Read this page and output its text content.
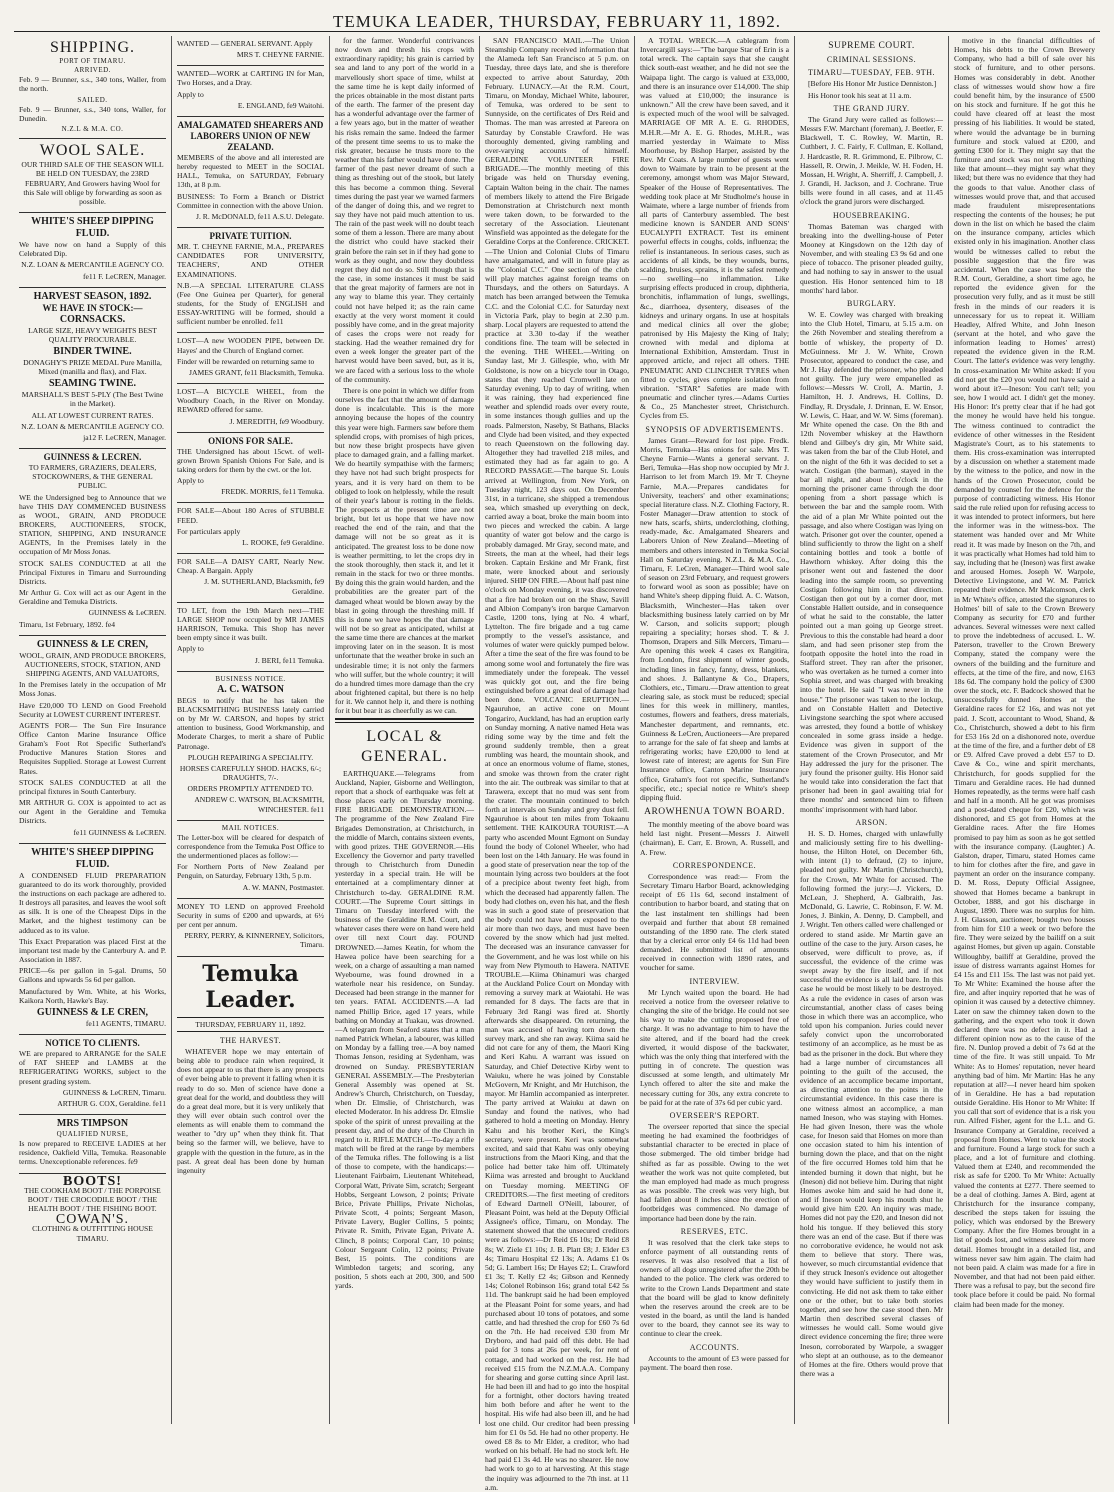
TEMUKA LEADER, THURSDAY, FEBRUARY 11, 1892.
SHIPPING.
PORT OF TIMARU.
ARRIVED.

Feb. 9 — Brunner, s.s., 340 tons, Waller, from the north.

SAILED.

Feb. 9 — Brunner, s.s., 340 tons, Waller, for Dunedin.

N.Z.L & M.A. CO.
WOOL SALE.

OUR THIRD SALE OF THE SEASON WILL BE HELD ON TUESDAY, the 23RD FEBRUARY, And Growers having Wool for this Sale will oblige by forwarding as soon as possible.

WHITE'S SHEEP DIPPING FLUID.

We have now on hand a Supply of this Celebrated Dip.

N.Z. LOAN & MERCANTILE AGENCY CO.

fe11 F. LeCREN, Manager.

HARVEST SEASON, 1892.
WE HAVE IN STOCK:—
CORNSACKS.

LARGE SIZE, HEAVY WEIGHTS BEST QUALITY PROCURABLE.

BINDER TWINE.

DONAGHY'S PRIZE MEDAL Pure Manilla, Mixed (manilla and flax), and Flax.

SEAMING TWINE.

MARSHALL'S BEST 5-PLY (The Best Twine in the Market).

ALL AT LOWEST CURRENT RATES.

N.Z. LOAN & MERCANTILE AGENCY CO.

ja12 F. LeCREN, Manager.

GUINNESS & LECREN.

TO FARMERS, GRAZIERS, DEALERS, STOCKOWNERS, & THE GENERAL PUBLIC.

WE the Undersigned beg to Announce that we have THIS DAY COMMENCED BUSINESS as WOOL, GRAIN, AND PRODUCE BROKERS, AUCTIONEERS, STOCK, STATION, SHIPPING, AND INSURANCE AGENTS, In the Premises lately in the occupation of Mr Moss Jonas.

STOCK SALES CONDUCTED at all the Principal Fixtures in Timaru and Surrounding Districts.

Mr Arthur G. Cox will act as our Agent in the Geraldine and Temuka Districts.

GUINNESS & LeCREN.

Timaru, 1st February, 1892. fe4

GUINNESS & LE CREN,

WOOL, GRAIN, AND PRODUCE BROKERS, AUCTIONEERS, STOCK, STATION, AND SHIPPING AGENTS, AND VALUATORS,

In the Premises lately in the occupation of Mr Moss Jonas.

Have £20,000 TO LEND on Good Freehold Security at LOWEST CURRENT INTEREST.

AGENTS FOR— The Sun Fire Insurance Office Canton Marine Insurance Office Graham's Foot Rot Specific Sutherland's Productive Manures Station Stores and Requisites Supplied. Storage at Lowest Current Rates.

STOCK SALES CONDUCTED at all the principal fixtures in South Canterbury.

MR ARTHUR G. COX is appointed to act as our Agent in the Geraldine and Temuka Districts.

fe11 GUINNESS & LeCREN.

WHITE'S SHEEP DIPPING FLUID.

A CONDENSED FLUID PREPARATION guaranteed to do its work thoroughly, provided the instructions on each package are adhered to. It destroys all parasites, and leaves the wool soft as silk. It is one of the Cheapest Dips in the Market, and the highest testimony can be adduced as to its value.

This Exact Preparation was placed First at the important test made by the Canterbury A. and P. Association in 1887.

PRICE—6s per gallon in 5-gal. Drums, 50 Gallons and upwards 5s 6d per gallon.

Manufactured by Wm. White, at his Works, Kaikora North, Hawke's Bay.

GUINNESS & LE CREN,

fe11 AGENTS, TIMARU.

NOTICE TO CLIENTS.

WE are prepared to ARRANGE for the SALE of FAT SHEEP and LAMBS at the REFRIGERATING WORKS, subject to the present grading system.

GUINNESS & LeCREN, Timaru.

ARTHUR G. COX, Geraldine. fe11

MRS TIMPSON
QUALIFIED NURSE,

Is now prepared to RECEIVE LADIES at her residence, Oakfield Villa, Temuka. Reasonable terms. Unexceptionable references. fe9

BOOTS!

THE COOKHAM BOOT / THE PORPOISE BOOT / THE CROCODILE BOOT / THE HEALTH BOOT / THE FISHING BOOT.

COWAN'S.

CLOTHING & OUTFITTING HOUSE TIMARU.

WANTED — GENERAL SERVANT. Apply

MRS T. CHEYNE FARNIE.

WANTED—WORK at CARTING IN for Man, Two Horses, and a Dray.

Apply to

E. ENGLAND, fe9 Waitohi.

AMALGAMATED SHEARERS AND LABORERS UNION OF NEW ZEALAND.

MEMBERS of the above and all interested are hereby requested to MEET in the SOCIAL HALL, Temuka, on SATURDAY, February 13th, at 8 p.m.

BUSINESS: To Form a Branch or District Committee in connection with the above Union.

J. R. McDONALD, fe11 A.S.U. Delegate.

PRIVATE TUITION.

MR. T. CHEYNE FARNIE, M.A., PREPARES CANDIDATES FOR UNIVERSITY, TEACHERS', AND OTHER EXAMINATIONS.

N.B.—A SPECIAL LITERATURE CLASS (Fee One Guinea per Quarter), for general students, for the Study of ENGLISH and ESSAY-WRITING will be formed, should a sufficient number be enrolled. fe11

LOST—A new WOODEN PIPE, between Dr. Hayes' and the Church of England corner.

Finder will be rewarded on returning same to

JAMES GRANT, fe11 Blacksmith, Temuka.

LOST—A BICYCLE WHEEL, from the Woodbury Coach, in the River on Monday. REWARD offered for same.

J. MEREDITH, fe9 Woodbury.

ONIONS FOR SALE.

THE Undersigned has about 15cwt. of well-grown Brown Spanish Onions For Sale, and is taking orders for them by the cwt. or the lot.

Apply to

FREDK. MORRIS, fe11 Temuka.

FOR SALE—About 180 Acres of STUBBLE FEED.

For particulars apply

L. ROOKE, fe9 Geraldine.

FOR SALE—A DAISY CART, Nearly New. Cheap. A Bargain. Apply

J. M. SUTHERLAND, Blacksmith, fe9 Geraldine.

TO LET, from the 19th March next—THE LARGE SHOP now occupied by MR JAMES HARRISON, Temuka. This Shop has never been empty since it was built.

Apply to

J. BERI, fe11 Temuka.

BUSINESS NOTICE.
A. C. WATSON

BEGS to notify that he has taken the BLACKSMITHING BUSINESS lately carried on by Mr W. CARSON, and hopes by strict attention to business, Good Workmanship, and Moderate Charges, to merit a share of Public Patronage.

PLOUGH REPAIRING A SPECIALITY.

HORSES CAREFULLY SHOD. HACKS, 6/-; DRAUGHTS, 7/-.

ORDERS PROMPTLY ATTENDED TO.

ANDREW C. WATSON, BLACKSMITH, WINCHESTER. fe11

MAIL NOTICES.

The Letter-box will be cleared for despatch of correspondence from the Temuka Post Office to the undermentioned places as follow:—

For Northern Ports of New Zealand per Penguin, on Saturday, February 13th, 5 p.m.

A. W. MANN, Postmaster.

MONEY TO LEND on approved Freehold Security in sums of £200 and upwards, at 6½ per cent per annum.

PERRY, PERRY, & KINNERNEY, Solicitors, Timaru.

Temuka Leader.
THURSDAY, FEBRUARY 11, 1892.
THE HARVEST.

WHATEVER hope we may entertain of being able to produce rain when required, it does not appear to us that there is any prospects of ever being able to prevent it falling when it is ready to do so. Men of science have done a great deal for the world, and doubtless they will do a great deal more, but it is very unlikely that they will ever obtain such control over the elements as will enable them to command the weather to "dry up" when they think fit. That being so the farmer will, we believe, have to grapple with the question in the future, as in the past. A great deal has been done by human ingenuity

for the farmer. Wonderful contrivances now down and thresh his crops with extraordinary rapidity; his grain is carried by sea and land to any port of the world in a marvellously short space of time, whilst at the same time he is kept daily informed of the prices obtainable in the most distant parts of the earth. The farmer of the present day has a wonderful advantage over the farmer of a few years ago, but in the matter of weather his risks remain the same. Indeed the farmer of the present time seems to us to make the risk greater, because he trusts more to the weather than his father would have done. The farmer of the past never dreamt of such a thing as threshing out of the stook, but lately this has become a common thing. Several times during the past year we warned farmers of the danger of doing this, and we regret to say they have not paid much attention to us. The rain of the past week will no doubt teach some of them a lesson. There are many about the district who could have stacked their grain before the rain set in if they had gone to work as they ought, and now they doubtless regret they did not do so. Still though that is the case, in some instances it must be said that the great majority of farmers are not in any way to blame this year. They certainly could not have helped it; as the rain came exactly at the very worst moment it could possibly have come, and in the great majority of cases the crops were not ready for stacking. Had the weather remained dry for even a week longer the greater part of the harvest would have been saved, but, as it is, we are faced with a serious loss to the whole of the community.

There is one point in which we differ from ourselves the fact that the amount of damage done is incalculable. This is the more annoying because the hopes of the country this year were high. Farmers saw before them splendid crops, with promises of high prices, but now these bright prospects have given place to damaged grain, and a falling market. We do heartily sympathise with the farmers; they have not had such bright prospects for years, and it is very hard on them to be obliged to look on helplessly, while the result of their year's labour is rotting in the fields. The prospects at the present time are not bright, but let us hope that we have now reached the end of the rain, and that the damage will not be so great as it is anticipated. The greatest loss to be done now is weather permitting, to let the crops dry in the stook thoroughly, then stack it, and let it remain in the stack for two or three months. By doing this the grain would harden, and the probabilities are the greater part of the damaged wheat would be blown away by the blast in going through the threshing mill. If this is done we have hopes the that damage will not be so great as anticipated, whilst at the same time there are chances at the market improving later on in the season. It is most unfortunate that the weather broke in such an undesirable time; it is not only the farmers who will suffer, but the whole country; it will do a hundred times more damage than the cry about frightened capital, but there is no help for it. We cannot help it, and there is nothing for it but bear it as cheerfully as we can.

LOCAL & GENERAL.

EARTHQUAKE.—Telegrams from Auckland, Napier, Gisborne and Wellington, report that a shock of earthquake was felt at those places early on Thursday morning. FIRE BRIGADE DEMONSTRATION.—The programme of the New Zealand Fire Brigades Demonstration, at Christchurch, in the middle of March, contains sixteen events, with good prizes. THE GOVERNOR.—His Excellency the Governor and party travelled through to Christchurch from Dunedin yesterday in a special train. He will be entertained at a complimentary dinner at Christchurch to-day. GERALDINE R.M. COURT.—The Supreme Court sittings in Timaru on Tuesday interfered with the business of the Geraldine R.M. Court, and whatever cases there were on hand were held over till next Court day. FOUND DROWNED.—James Keatin, for whom the Hawea police have been searching for a week, on a charge of assaulting a man named Wyebourne, was found drowned in a waterhole near his residence, on Sunday. Deceased had been strange in the manner for ten years. FATAL ACCIDENTS.—A lad named Phillip Brice, aged 17 years, while bathing on Monday at Tuakau, was drowned.—A telegram from Seaford states that a man named Patrick Whelan, a labourer, was killed on Monday by a falling tree.—A boy named Thomas Jenson, residing at Sydenham, was drowned on Sunday. PRESBYTERIAN GENERAL ASSEMBLY.—The Presbyterian General Assembly was opened at St. Andrew's Church, Christchurch, on Tuesday, when Dr. Elmslie, of Christchurch, was elected Moderator. In his address Dr. Elmslie spoke of the spirit of unrest prevailing at the present day, and of the duty of the Church in regard to it. RIFLE MATCH.—To-day a rifle match will be fired at the range by members of the Temuka rifles. The following is a list of those to compete, with the handicaps:— Lieutenant Fairbairn, Lieutenant Whitehead, Corporal Watt, Private Sim, scratch; Sergeant Hobbs, Sergeant Lowson, 2 points; Private Brice, Private Phillips, Private Nicholas, Private Scott, 4 points; Sergeant Mason, Private Lavery, Bugler Collins, 5 points; Private R. Smith, Private Egan, Private A. Clinch, 8 points; Corporal Carr, 10 points; Colour Sergeant Colin, 12 points; Private Best, 15 points. The conditions are Wimbledon targets; and scoring, any position, 5 shots each at 200, 300, and 500 yards.

SAN FRANCISCO MAIL.—The Union Steamship Company received information that the Alameda left San Francisco at 5 p.m. on Tuesday, three days late, and she is therefore expected to arrive about Saturday, 20th February. LUNACY.—At the R.M. Court, Timaru, on Monday, Michael White, labourer, of Temuka, was ordered to be sent to Sunnyside, on the certificates of Drs Reid and Thomas. The man was arrested at Pareora on Saturday by Constable Crawford. He was thoroughly demented, giving rambling and over-varying accounts of himself. GERALDINE VOLUNTEER FIRE BRIGADE.—The monthly meeting of this brigade was held on Thursday evening, Captain Walton being in the chair. The names of members likely to attend the Fire Brigade Demonstration at Christchurch next month were taken down, to be forwarded to the secretary of the Association. Lieutenant Winsfield was appointed as the delegate for the Geraldine Corps at the Conference. CRICKET.—The Union and Colonial Clubs of Timaru have amalgamated, and will in future play as the "Colonial C.C." One section of the club will play matches against foreign teams on Thursdays, and the others on Saturdays. A match has been arranged between the Temuka C.C. and the Colonial C.C. for Saturday next in Victoria Park, play to begin at 2.30 p.m. sharp. Local players are requested to attend the practice at 3.30 to-day if the weather conditions fine. The team will be selected in the evening. THE WHEEL.—Writing on Sunday last, Mr J. Gillespie, who, with Mr Goldstone, is now on a bicycle tour in Otago, states that they reached Cromwell late on Saturday evening. Up to day of writing, when it was raining, they had experienced fine weather and splendid roads over every route, in some instances though gullies and up the roads. Palmerston, Naseby, St Bathans, Blacks and Clyde had been visited, and they expected to reach Queenstown on the following day. Altogether they had travelled 218 miles, and estimated they had as far again to go. A RECORD PASSAGE.—The barque St. Louis arrived at Wellington, from New York, on Tuesday night, 123 days out. On December 31st, in a turricane, she shipped a tremendous sea, which smashed up everything on deck, carried away a boat, broke the main boom into two pieces and wrecked the cabin. A large quantity of water got below and the cargo is probably damaged. Mr Gray, second mate, and Streets, the man at the wheel, had their legs broken. Captain Erskine and Mr Frank, first mate, were knocked about and seriously injured. SHIP ON FIRE.—About half past nine o'clock on Monday evening, it was discovered that a fire had broken out on the Shaw, Savill and Albion Company's iron barque Carnarvon Castle, 1200 tons, lying at No. 4 wharf, Lyttelton. The fire brigade and a tug came promptly to the vessel's assistance, and volumes of water were quickly pumped below. After a time the seat of the fire was found to be among some wool and fortunately the fire was immediately under the forepeak. The vessel was quickly got out, and the fire being extinguished before a great deal of damage had been done. VOLCANIC ERUPTION.—Ngauruhoe, an active cone on Mount Tongariro, Auckland, has had an eruption early on Sunday morning. A native named Heta was riding some way by the time and felt the ground suddenly tremble, then a great rumbling was heard, the mountain shook, and at once an enormous volume of flame, stones, and smoke was thrown from the crater right into the air. The outbreak was similar to that at Tarawera, except that no mud was sent from the crater. The mountain continued to belch forth at intervals on Sunday and grey dust fell. Ngauruhoe is about ten miles from Tokaanu settlement. THE KAIKOURA TOURIST.—A party who ascended Mount Egmont on Sunday found the body of Colonel Wheeler, who had been lost on the 14th January. He was found in a good state of preservation near the top of the mountain lying across two boulders at the foot of a precipice about twenty feet high, from which the deceased had apparently fallen. The body had clothes on, even his hat, and the flesh was in such a good state of preservation that the body could not have been exposed to the air more than two days, and must have been covered by the snow which had just melted. The deceased was an insurance canvasser for the Government, and he was lost while on his way from New Plymouth to Hawera. NATIVE TROUBLE.—Kiima Ohinamuri was charged at the Auckland Police Court on Monday with removing a survey mark at Waiotahi. He was remanded for 8 days. The facts are that in February 3rd Rangi was fired at. Shortly afterwards she disappeared. On returning, the man was accused of having torn down the survey mark, and she ran away. Kiima said he did not care for any of them, the Maori King and Keri Kahu. A warrant was issued on Saturday, and Chief Detective Kirby went to Waiuku, where he was joined by Constable McGovern, Mr Knight, and Mr Hutchison, the mayor. Mr Hamlin accompanied as interpreter. The party arrived at Waiuku at dawn on Sunday and found the natives, who had gathered to hold a meeting on Monday. Henry Kahu and his brother Keri, the King's secretary, were present. Keri was somewhat excited, and said that Kahu was only obeying instructions from the Maori King, and that the police had better take him off. Ultimately Kiima was arrested and brought to Auckland on Tuesday morning. MEETING OF CREDITORS.—The first meeting of creditors of Edward Dartnell O'Neill, labourer, of Pleasant Point, was held at the Deputy Official Assignee's office, Timaru, on Monday. The statement showed that the unsecured creditors were as follows:—Dr Reid £6 10s; Dr Reid £8 8s; W. Ziele £1 10s; J. B. Platt £8; J. Elder £3 4s; Timaru Hospital £2 13s; A. Adams £1 0s 5d; G. Lambert 16s; Dr Hayes £2; L. Crawford £1 3s; T. Kelly £2 4s; Gibson and Kennedy 14s; Colonel Robinson 16s; grand total £42 5s 11d. The bankrupt said he had been employed at the Pleasant Point for some years, and had purchased about 10 tons of potatoes, and some cattle, and had threshed the crop for £60 7s 6d on the 7th. He had received £30 from Mr Dryboro, and had paid off this debt. He had paid for 3 tons at 26s per week, for rent of cottage, and had worked on the rest. He had received £15 from the N.Z.M.A.A. Company for shearing and gorse cutting since April last. He had been ill and had to go into the hospital for a fortnight, other doctors having treated him both before and after he went to the hospital. His wife had also been ill, and he had lost one child. Our creditor had been pressing him for £1 0s 5d. He had no other property. He owed £8 8s to Mr Elder, a creditor, who had worked on his behalf. He had no stock left. He had paid £1 3s 4d. He was no shearer. He now had work to go to at harvesting. At this stage the inquiry was adjourned to the 7th inst. at 11 a.m.

A TOTAL WRECK.—A cablegram from Invercargill says:—"The barque Star of Erin is a total wreck. The captain says that she caught thick south-east weather, and he did not see the Waipapa light. The cargo is valued at £33,000, and there is an insurance over £14,000. The ship was valued at £10,000; the insurance is unknown." All the crew have been saved, and it is expected much of the wool will be salvaged. MARRIAGE OF MR A. E. G. RHODES, M.H.R.—Mr A. E. G. Rhodes, M.H.R., was married yesterday in Waimate to Miss Moorhouse, by Bishop Harper, assisted by the Rev. Mr Coats. A large number of guests went down to Waimate by train to be present at the ceremony, amongst whom was Major Steward, Speaker of the House of Representatives. The wedding took place at Mr Studholme's house in Waimate, where a large number of friends from all parts of Canterbury assembled. The best medicine known is SANDER AND SONS' EUCALYPTI EXTRACT. Test its eminent powerful effects in coughs, colds, influenza; the relief is instantaneous. In serious cases, such as accidents of all kinds, be they wounds, burns, scalding, bruises, sprains, it is the safest remedy—no swelling—no inflammation. Like surprising effects produced in croup, diphtheria, bronchitis, inflammation of lungs, swellings, &c., diarrhoea, dysentery, diseases of the kidneys and urinary organs. In use at hospitals and medical clinics all over the globe; patronised by His Majesty the King of Italy; crowned with medal and diploma at International Exhibition, Amsterdam. Trust in approved article, and reject all others. THE PNEUMATIC AND CLINCHER TYRES when fitted to cycles, gives complete isolation from vibration. "STAR" Safeties are made with pneumatic and clincher tyres.—Adams Curties & Co., 25 Manchester street, Christchurch. Cycles from £5.

SYNOPSIS OF ADVERTISEMENTS.

James Grant—Reward for lost pipe. Fredk. Morris, Temuka—Has onions for sale. Mrs T. Cheyne Farnie—Wants a general servant. J. Beri, Temuka—Has shop now occupied by Mr J. Harrison to let from March 19. Mr T. Cheyne Farnie, M.A.—Prepares candidates for University, teachers' and other examinations; special literature class. N.Z. Clothing Factory, R. Foster Manager—Draw attention to stock of new hats, scarfs, shirts, underclothing, clothing, ready-made, &c. Amalgamated Shearers and Laborers Union of New Zealand—Meeting of members and others interested in Temuka Social Hall on Saturday evening. N.Z.L. & M.A. Co., Timaru, F. LeCren, Manager—Third wool sale of season on 23rd February, and request growers to forward wool as soon as possible; have on hand White's sheep dipping fluid. A. C. Watson, Blacksmith, Winchester—Has taken over blacksmithing business lately carried on by Mr W. Carson, and solicits support; plough repairing a speciality; horses shod. T. & J. Thomson, Drapers and Silk Mercers, Timaru—Are opening this week 4 cases ex Rangitira, from London, first shipment of winter goods, including lines in fancy, fanny, dress, blankets, and shoes. J. Ballantyne & Co., Drapers, Clothiers, etc., Timaru.—Draw attention to great clearing sale, as stock must be reduced; special lines for this week in millinery, mantles, costumes, flowers and feathers, dress materials, Manchester department, and remnants, etc. Guinness & LeCren, Auctioneers—Are prepared to arrange for the sale of fat sheep and lambs at refrigerating works; have £20,000 to lend at lowest rate of interest; are agents for Sun Fire Insurance office, Canton Marine Insurance office, Graham's foot rot specific, Sutherland's specific, etc.; special notice re White's sheep dipping fluid.

AROWHENUA TOWN BOARD.

The monthly meeting of the above board was held last night. Present—Messrs J. Aitwell (chairman), E. Carr, E. Brown, A. Russell, and A. Frew.

CORRESPONDENCE.

Correspondence was read:— From the Secretary Timaru Harbor Board, acknowledging receipt of £6 11s 6d, second instalment of contribution to harbor board, and stating that on the last instalment ten shillings had been overpaid and further that about £8 remained outstanding of the 1890 rate. The clerk stated that by a clerical error only £4 6s 11d had been demanded. He submitted list of amounts received in connection with 1890 rates, and voucher for same.

INTERVIEW.

Mr Lynch waited upon the board. He had received a notice from the overseer relative to changing the site of the bridge. He could not see his way to make the cutting proposed free of charge. It was no advantage to him to have the site altered, and if the board had the creek diverted, it would dispose of the backwater, which was the only thing that interfered with the putting in of concrete. The question was discussed at some length, and ultimately Mr Lynch offered to alter the site and make the necessary cutting for 30s, any extra concrete to be paid for at the rate of 37s 6d per cubic yard.

OVERSEER'S REPORT.

The overseer reported that since the special meeting he had examined the footbridges of substantial character to be erected in place of those submerged. The old timber bridge had shifted as far as possible. Owing to the wet weather the work was not quite completed, but the man employed had made as much progress as was possible. The creek was very high, but had fallen about 8 inches since the erection of footbridges was commenced. No damage of importance had been done by the rain.

RESERVES, ETC.

It was resolved that the clerk take steps to enforce payment of all outstanding rents of reserves. It was also resolved that a list of owners of all dogs unregistered after the 20th be handed to the police. The clerk was ordered to write to the Crown Lands Department and state that the board will be glad to know definitely when the reserves around the creek are to be vested in the board, as until the land is handed over to the board, they cannot see its way to continue to clear the creek.

ACCOUNTS.

Accounts to the amount of £3 were passed for payment. The board then rose.

SUPREME COURT.
CRIMINAL SESSIONS.
TIMARU—TUESDAY, FEB. 9TH.

[Before His Honor Mr Justice Denniston.]

His Honor took his seat at 11 a.m.

THE GRAND JURY.

The Grand Jury were called as follows:—Messrs F.W. Marchant (foreman), J. Beetler, F. Blackwell, T. C. Rowley, W. Martin, R. Cuthbert, J. C. Fairly, F. Cullman, E. Kolland, J. Hardcastle, R. R. Grimmond, E. Pilbrow, C. Hassell, R. Orwin, J. Meikle, W. H. Foden, H. Mossan, H. Wright, A. Sherriff, J. Campbell, J. J. Grandi, H. Jackson, and J. Cochrane. True bills were found in all cases, and at 11.45 o'clock the grand jurors were discharged.

HOUSEBREAKING.

Thomas Bateman was charged with breaking into the dwelling-house of Peter Mooney at Kingsdown on the 12th day of November, and with stealing £3 9s 6d and one piece of tobacco. The prisoner pleaded guilty, and had nothing to say in answer to the usual question. His Honor sentenced him to 18 months' hard labor.

BURGLARY.

W. E. Cowley was charged with breaking into the Club Hotel, Timaru, at 5.15 a.m. on the 26th November and stealing therefrom a bottle of whiskey, the property of D. McGuinness. Mr J. W. White, Crown Prosecutor, appeared to conduct the case, and Mr J. Hay defended the prisoner, who pleaded not guilty. The jury were empanelled as follows:—Messrs W. Croll, A. Martin, J. Hamilton, H. J. Andrews, H. Collins, D. Findlay, R. Drysdale, J. Drinnan, E. W. Ensor, W. Lewis, C. Haar, and W. W. Sims (foreman). Mr White opened the case. On the 8th and 12th November whiskey at the Hawthorn blend and Gilbey's dry gin, Mr White said, was taken from the bar of the Club Hotel, and on the night of the 6th it was decided to set a watch. Costigan (the barman), stayed in the bar all night, and about 5 o'clock in the morning the prisoner came through the door opening from a short passage which is between the bar and the sample room. With the aid of a plan Mr White pointed out the passage, and also where Costigan was lying on watch. Prisoner got over the counter, opened a blind sufficiently to throw the light on a shelf containing bottles and took a bottle of Hawthorn whiskey. After doing this the prisoner went out and fastened the door leading into the sample room, so preventing Costigan following him in that direction. Costigan then got out by a corner door, met Constable Hallett outside, and in consequence of what he said to the constable, the latter pointed out a man going up George street. Previous to this the constable had heard a door slam, and had seen prisoner step from the footpath opposite the hotel into the road in Stafford street. They ran after the prisoner, who was overtaken as he turned a corner into Sophia street, and was charged with breaking into the hotel. He said "I was never in the house." The prisoner was taken to the lockup, and on Constable Hallett and Detective Livingstone searching the spot where accused was arrested, they found a bottle of whiskey concealed in some grass inside a hedge. Evidence was given in support of the statement of the Crown Prosecutor, and Mr Hay addressed the jury for the prisoner. The jury found the prisoner guilty. His Honor said he would take into consideration the fact that prisoner had been in gaol awaiting trial for three months' and sentenced him to fifteen months' imprisonment with hard labor.

ARSON.

H. S. D. Homes, charged with unlawfully and maliciously setting fire to his dwelling-house, the Hilton Hotel, on December 6th, with intent (1) to defraud, (2) to injure, pleaded not guilty. Mr Martin (Christchurch), for the Crown, Mr White for accused. The following formed the jury:—J. Vickers, D. McLean, J. Shepherd, A. Galbraith, Jas. McDonald, G. Lawrie, C. Robinson, F. W. M. Jones, J. Binkin, A. Denny, D. Campbell, and J. Wright. Ten others called were challenged or ordered to stand aside. Mr Martin gave an outline of the case to the jury. Arson cases, he observed, were difficult to prove, as, if successful, the evidence of the crime was swept away by the fire itself, and if not successful the evidence is all laid bare. In this case he would be most likely to be destroyed. As a rule the evidence in cases of arson was circumstantial, another class of cases being those in which there was an accomplice, who told upon his companion. Juries could never safely convict upon the uncorroborated testimony of an accomplice, as he must be as bad as the prisoner in the dock. But where they had a large number of circumstances all pointing to the guilt of the accused, the evidence of an accomplice became important, as directing attention to the points in the circumstantial evidence. In this case there is one witness almost an accomplice, a man named Ineson, who was staying with Homes. He had given Ineson, there was the whole case, for Ineson said that Homes on more than one occasion stated to him his intention of burning down the place, and that on the night of the fire occurred Homes told him that he intended burning it down that night, but he (Ineson) did not believe him. During that night Homes awoke him and said he had done it, and if Ineson would keep his mouth shut he would give him £20. An inquiry was made, Homes did not pay the £20, and Ineson did not hold his tongue. If they believed this story there was an end of the case. But if there was no corroborative evidence, he would not ask them to believe that story. There was, however, so much circumstantial evidence that if they struck Ineson's evidence out altogether they would have sufficient to justify them in convicting. He did not ask them to take either one or the other, but to take both stories together, and see how the case stood then. Mr Martin then described several classes of witnesses he would call. Some would give direct evidence concerning the fire; three were Ineson, corroborated by Warpole, a swagger who slept at an outhouse, as to the demeanor of Homes at the fire. Others would prove that there was a

motive in the financial difficulties of Homes, his debts to the Crown Brewery Company, who had a bill of sale over his stock of furniture, and to other persons. Homes was considerably in debt. Another class of witnesses would show how a fire could benefit him, by the insurance of £500 on his stock and furniture. If he got this he could have cleared off at least the most pressing of his liabilities. It would be stated, where would the advantage be in burning furniture and stock valued at £200, and getting £300 for it. They might say that the furniture and stock was not worth anything like that amount—they might say what they liked; but there was no evidence that they had the goods to that value. Another class of witnesses would prove that, and that accused made fraudulent misrepresentations respecting the contents of the houses; he put down in the list on which he based the claim on the insurance company, articles which existed only in his imagination. Another class would be witnesses called to rebut the possible suggestion that the fire was accidental. When the case was before the R.M. Court, Geraldine, a short time ago, he reported the evidence given for the prosecution very fully, and as it must be still fresh in the minds of our readers it is unnecessary for us to repeat it. William Headley, Alfred White, and John Ineson (servant at the hotel, and who gave the information leading to Homes' arrest) repeated the evidence given in the R.M. Court. The latter's evidence was very lengthy. In cross-examination Mr White asked: If you did not get the £20 you would not have said a word about it?—Ineson: You can't tell; you see, how I would act. I didn't get the money. His Honor: It's pretty clear that if he had got the money he would have held his tongue. The witness continued to contradict the evidence of other witnesses in the Resident Magistrate's Court, as to his statements to them. His cross-examination was interrupted by a discussion on whether a statement made by the witness to the police, and now in the hands of the Crown Prosecutor, could be demanded by counsel for the defence for the purpose of contradicting witness. His Honor said the rule relied upon for refusing access to it was intended to protect informers, but here the informer was in the witness-box. The statement was handed over and Mr White read it. It was made by Ineson on the 7th, and it was practically what Homes had told him to say, including that he (Ineson) was first awake and aroused Homes. Joseph W. Warpole, Detective Livingstone, and W. M. Patrick repeated their evidence. Mr Malcomson, clerk in Mr White's office, attested the signatures to Holmes' bill of sale to the Crown Brewery Company as security for £70 and further advances. Several witnesses were next called to prove the indebtedness of accused. L. W. Paterson, traveller to the Crown Brewery Company, stated the company were the owners of the building and the furniture and effects, at the time of the fire, and now, £163 18s 6d. The company hold the policy of £300 over the stock, etc. F. Badcock showed that he unsuccessfully dunned Homes at the Geraldine races for £2 16s, and was not yet paid. J. Scott, accountant to Wood, Shand, & Co., Christchurch, showed a debt to his firm for £53 16s 2d on a dishonored note, overdue at the time of the fire, and a further debt of £8 or £9. Alfred Cave proved a debt £57 to D. Cave & Co., wine and spirit merchants, Christchurch, for goods supplied for the Timaru and Geraldine races. He had dunned Homes repeatedly, as the terms were half cash and half in a month. All he got was promises and a post-dated cheque for £20, which was dishonored, and £5 got from Homes at the Geraldine races. After the fire Homes promised to pay him as soon as he got settled with the insurance company. (Laughter.) A. Galston, draper, Timaru, stated Homes came to him for clothes after the fire, and gave in payment an order on the insurance company. D. M. Ross, Deputy Official Assignee, showed that Homes became a bankrupt in October, 1888, and got his discharge in August, 1890. There was no surplus for him. J. H. Glasson, auctioneer, bought two houses from him for £10 a week or two before the fire. They were seized by the bailiff on a suit against Homes, but given up again. Constable Willoughby, bailiff at Geraldine, proved the issue of distress warrants against Homes for £4 15s and £11 15s. The last was not paid yet. To Mr White: Examined the house after the fire, and after inquiry reported that he was of opinion it was caused by a detective chimney. Later on saw the chimney taken down to the gathering, and the expert who took it down declared there was no defect in it. Had a different opinion now as to the cause of the fire. N. Dunlop proved a debit of 7s 6d at the time of the fire. It was still unpaid. To Mr White: As to Homes' reputation, never heard anything bad of him. Mr Martin: Has he any reputation at all?—I never heard him spoken of in Geraldine. He has a bad reputation outside Geraldine. His Honor to Mr White: If you call that sort of evidence that is a risk you run. Alfred Fisher, agent for the L.L. and G. Insurance Company at Geraldine, received a proposal from Homes. Went to value the stock and furniture. Found a large stock for such a place, and a lot of furniture and clothing. Valued them at £240, and recommended the risk as safe for £200. To Mr White: Actually valued the contents at £277. There seemed to be a deal of clothing. James A. Bird, agent at Christchurch for the insurance company, described the steps taken for issuing the policy, which was endorsed by the Brewery Company. After the fire Homes brought in a list of goods lost, and witness asked for more detail. Homes brought in a detailed list, and witness never saw him again. The claim had not been paid. A claim was made for a fire in November, and that had not been paid either. There was a refusal to pay, but the second fire took place before it could be paid. No formal claim had been made for the money.
